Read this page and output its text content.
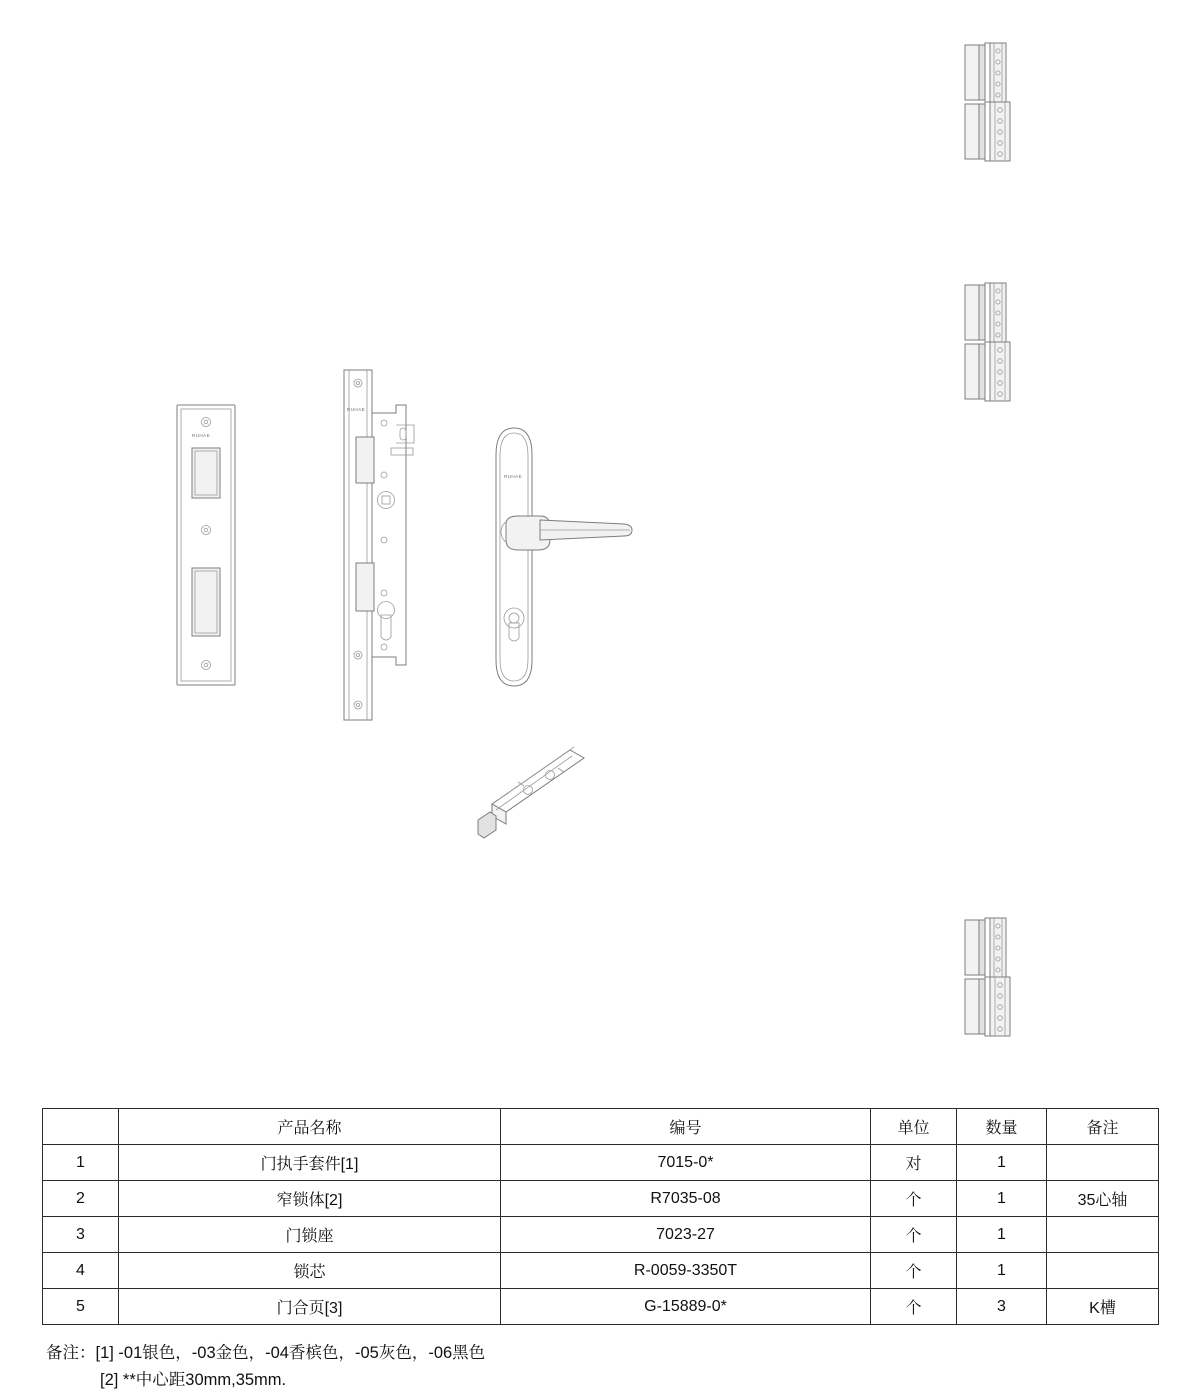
RUHAE
RUHAE
RUHAE
	产品名称	编号	单位	数量	备注
1	门执手套件[1]	7015-0*	对	1	
2	窄锁体[2]	R7035-08	个	1	35心轴
3	门锁座	7023-27	个	1	
4	锁芯	R-0059-3350T	个	1	
5	门合页[3]	G-15889-0*	个	3	K槽
备注：[1] -01银色，-03金色，-04香槟色，-05灰色，-06黑色
[2] **中心距30mm,35mm.
